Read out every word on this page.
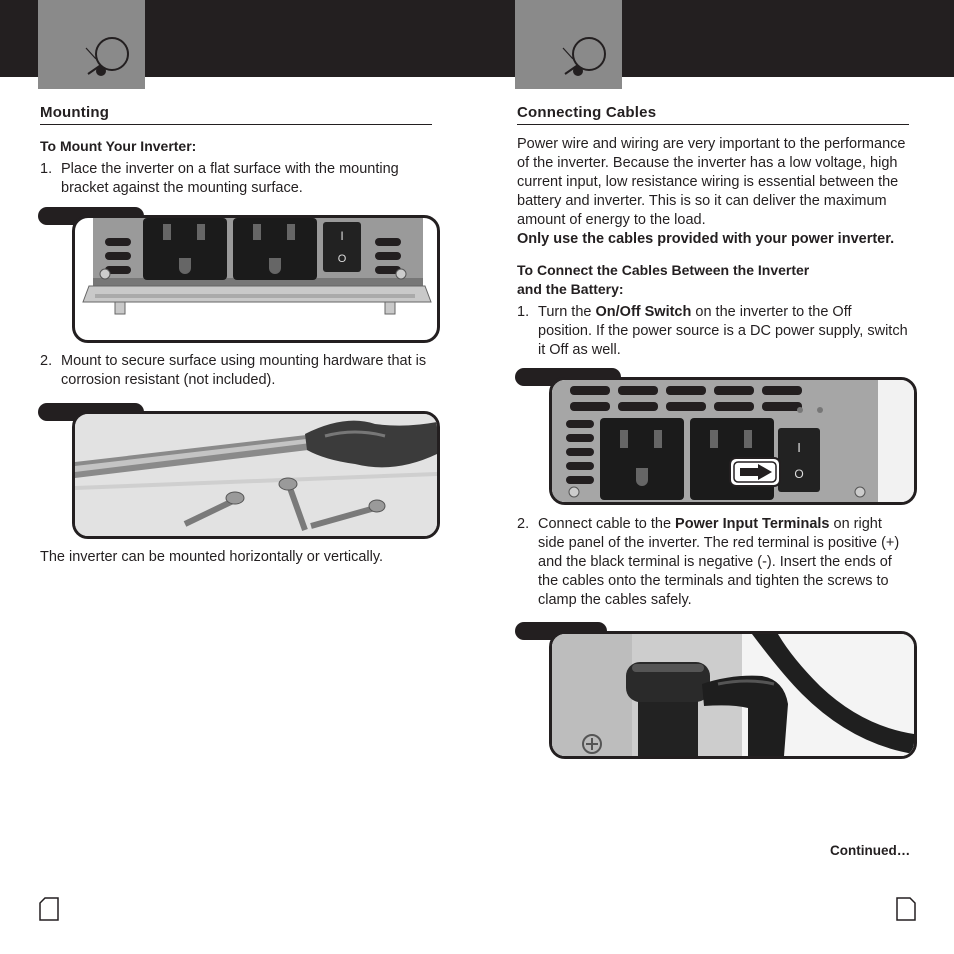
Mounting
To Mount Your Inverter:
1. Place the inverter on a flat surface with the mounting bracket against the mounting surface.
2. Mount to secure surface using mounting hardware that is corrosion resistant (not included).
The inverter can be mounted horizontally or vertically.
I
O
Connecting Cables
Power wire and wiring are very important to the performance of the inverter. Because the inverter has a low voltage, high current input, low resistance wiring is essential between the battery and inverter. This is so it can deliver the maximum amount of energy to the load.
Only use the cables provided with your power inverter.
To Connect the Cables Between the Inverter
and the Battery:
1. Turn the On/Off Switch on the inverter to the Off position. If the power source is a DC power supply, switch it Off as well.
2. Connect cable to the Power Input Terminals on right side panel of the inverter. The red terminal is positive (+) and the black terminal is negative (-). Insert the ends of the cables onto the terminals and tighten the screws to clamp the cables safely.
I
O
Continued…
